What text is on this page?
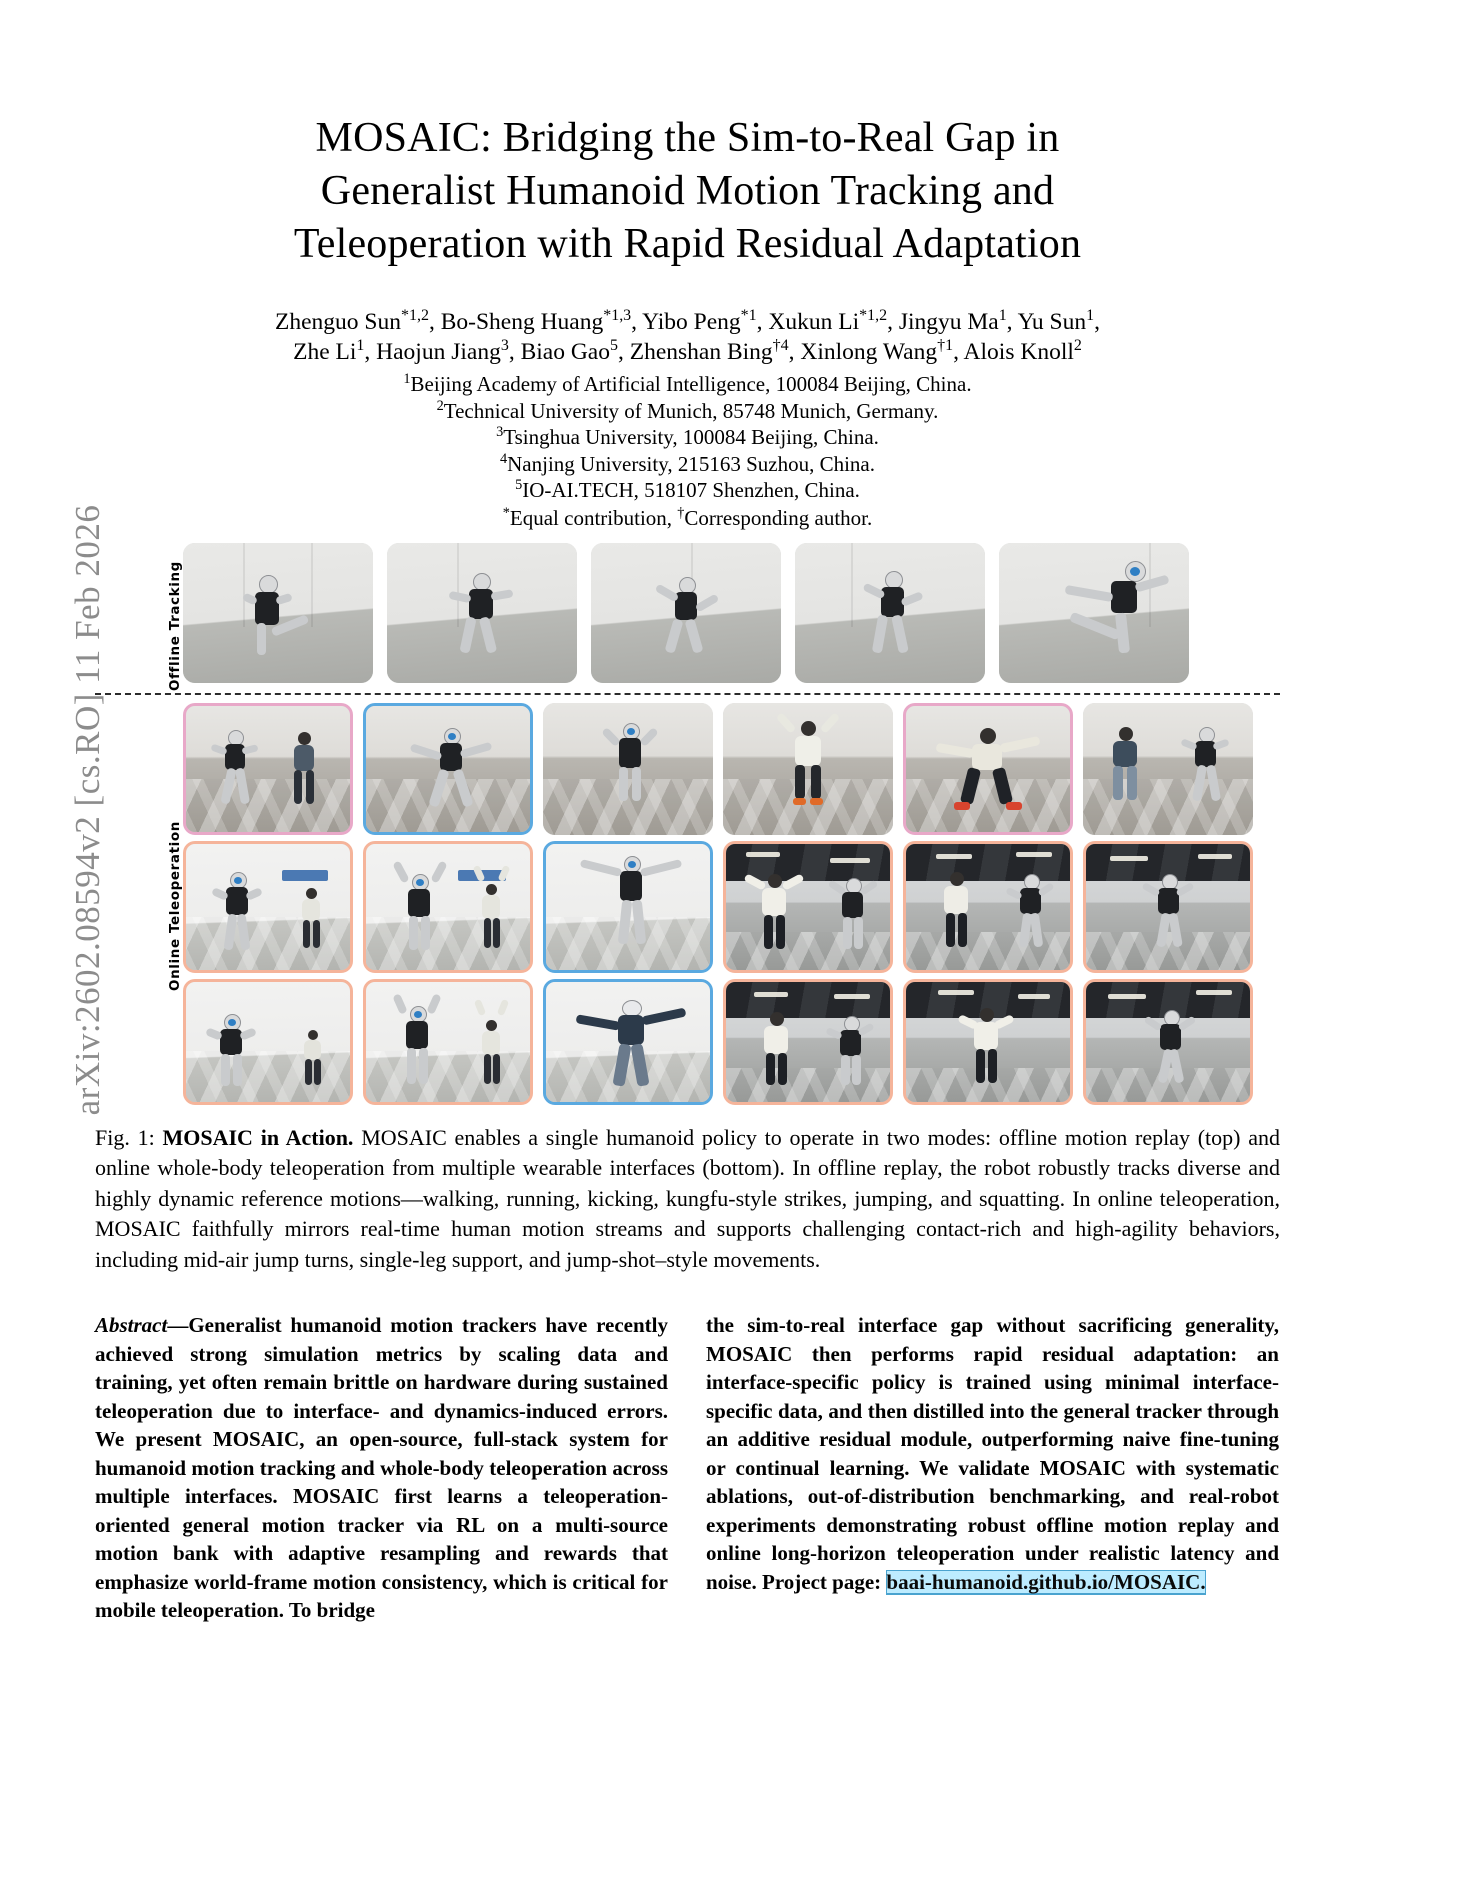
arXiv:2602.08594v2 [cs.RO] 11 Feb 2026
MOSAIC: Bridging the Sim-to-Real Gap in
Generalist Humanoid Motion Tracking and
Teleoperation with Rapid Residual Adaptation
Zhenguo Sun$^{*1,2}$, Bo-Sheng Huang$^{*1,3}$, Yibo Peng$^{*1}$, Xukun Li$^{*1,2}$, Jingyu Ma$^1$, Yu Sun$^1$,
Zhe Li$^1$, Haojun Jiang$^3$, Biao Gao$^5$, Zhenshan Bing$^{\dagger 4}$, Xinlong Wang$^{\dagger 1}$, Alois Knoll$^2$
$^1$Beijing Academy of Artificial Intelligence, 100084 Beijing, China.
$^2$Technical University of Munich, 85748 Munich, Germany.
$^3$Tsinghua University, 100084 Beijing, China.
$^4$Nanjing University, 215163 Suzhou, China.
$^5$IO-AI.TECH, 518107 Shenzhen, China.
*Equal contribution, †Corresponding author.
Offline Tracking
Online Teleoperation
Fig. 1: MOSAIC in Action. MOSAIC enables a single humanoid policy to operate in two modes: offline motion replay (top) and online whole-body teleoperation from multiple wearable interfaces (bottom). In offline replay, the robot robustly tracks diverse and highly dynamic reference motions—walking, running, kicking, kungfu-style strikes, jumping, and squatting. In online teleoperation, MOSAIC faithfully mirrors real-time human motion streams and supports challenging contact-rich and high-agility behaviors, including mid-air jump turns, single-leg support, and jump-shot–style movements.
Abstract—Generalist humanoid motion trackers have recently achieved strong simulation metrics by scaling data and training, yet often remain brittle on hardware during sustained teleoperation due to interface- and dynamics-induced errors. We present MOSAIC, an open-source, full-stack system for humanoid motion tracking and whole-body teleoperation across multiple interfaces. MOSAIC first learns a teleoperation-oriented general motion tracker via RL on a multi-source motion bank with adaptive resampling and rewards that emphasize world-frame motion consistency, which is critical for mobile teleoperation. To bridge
the sim-to-real interface gap without sacrificing generality, MOSAIC then performs rapid residual adaptation: an interface-specific policy is trained using minimal interface-specific data, and then distilled into the general tracker through an additive residual module, outperforming naive fine-tuning or continual learning. We validate MOSAIC with systematic ablations, out-of-distribution benchmarking, and real-robot experiments demonstrating robust offline motion replay and online long-horizon teleoperation under realistic latency and noise. Project page: baai-humanoid.github.io/MOSAIC.
